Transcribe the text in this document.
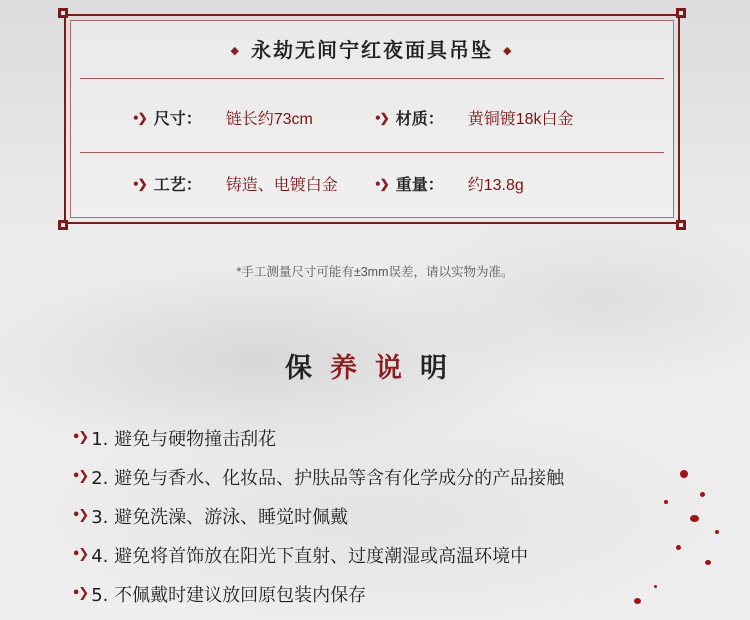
◆ 永劫无间宁红夜面具吊坠 ◆
•❯ 尺寸： 链长约73cm	•❯ 材质： 黄铜镀18k白金
•❯ 工艺： 铸造、电镀白金	•❯ 重量： 约13.8g
*手工测量尺寸可能有±3mm误差，请以实物为准。
保养说明
•❯ 1. 避免与硬物撞击刮花
•❯ 2. 避免与香水、化妆品、护肤品等含有化学成分的产品接触
•❯ 3. 避免洗澡、游泳、睡觉时佩戴
•❯ 4. 避免将首饰放在阳光下直射、过度潮湿或高温环境中
•❯ 5. 不佩戴时建议放回原包装内保存
